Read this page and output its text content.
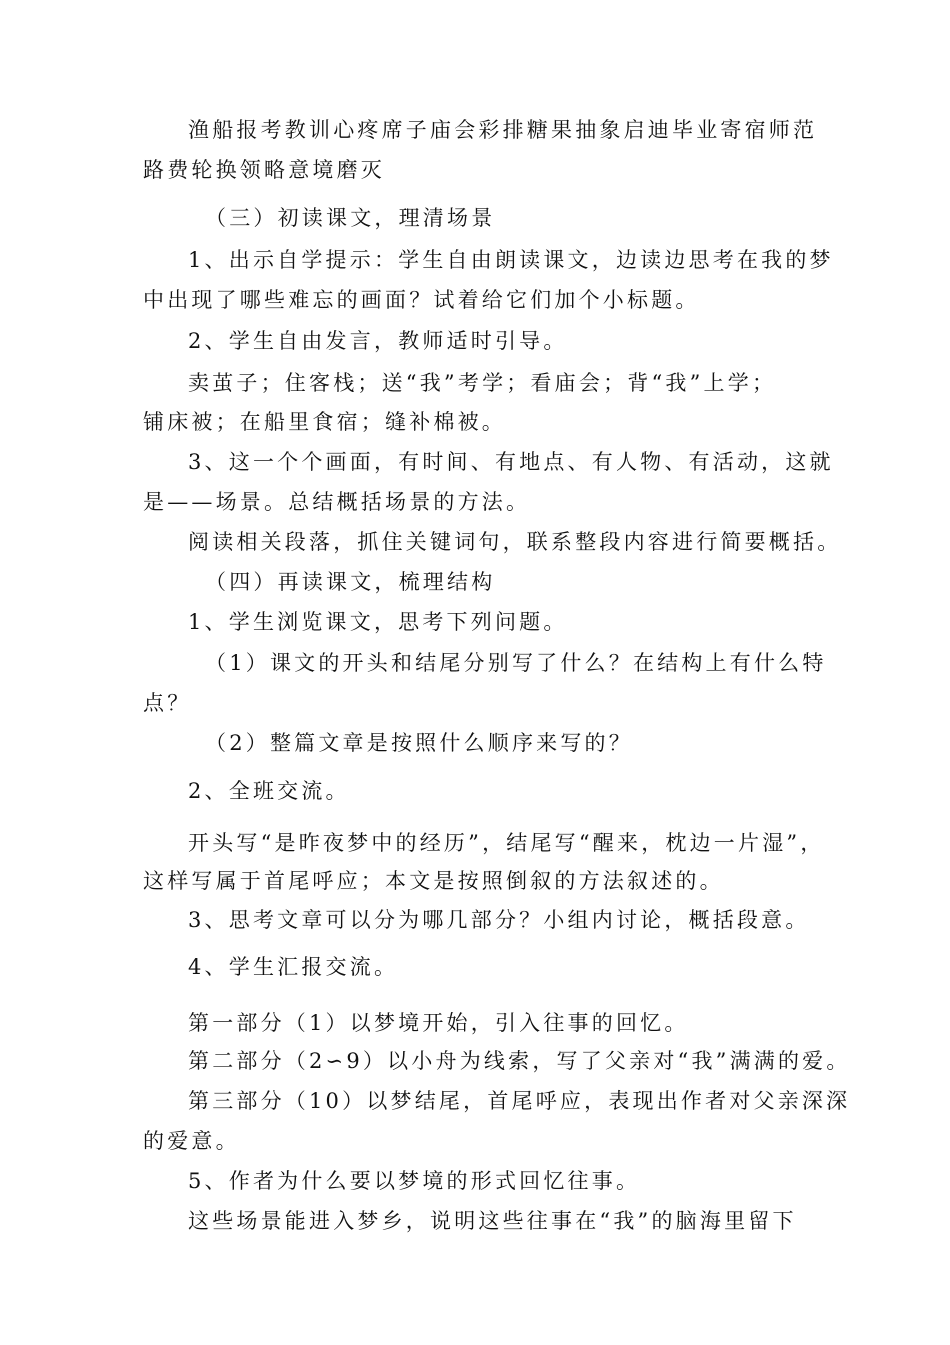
渔船报考教训心疼席子庙会彩排糖果抽象启迪毕业寄宿师范
路费轮换领略意境磨灭
（三）初读课文，理清场景
1、出示自学提示：学生自由朗读课文，边读边思考在我的梦
中出现了哪些难忘的画面？试着给它们加个小标题。
2、学生自由发言，教师适时引导。
卖茧子；住客栈；送“我”考学；看庙会；背“我”上学；
铺床被；在船里食宿；缝补棉被。
3、这一个个画面，有时间、有地点、有人物、有活动，这就
是——场景。总结概括场景的方法。
阅读相关段落，抓住关键词句，联系整段内容进行简要概括。
（四）再读课文，梳理结构
1、学生浏览课文，思考下列问题。
（1）课文的开头和结尾分别写了什么？在结构上有什么特
点？
（2）整篇文章是按照什么顺序来写的？
2、全班交流。
开头写“是昨夜梦中的经历”，结尾写“醒来，枕边一片湿”，
这样写属于首尾呼应；本文是按照倒叙的方法叙述的。
3、思考文章可以分为哪几部分？小组内讨论，概括段意。
4、学生汇报交流。
第一部分（1）以梦境开始，引入往事的回忆。
第二部分（2∽9）以小舟为线索，写了父亲对“我”满满的爱。
第三部分（10）以梦结尾，首尾呼应，表现出作者对父亲深深
的爱意。
5、作者为什么要以梦境的形式回忆往事。
这些场景能进入梦乡，说明这些往事在“我”的脑海里留下
